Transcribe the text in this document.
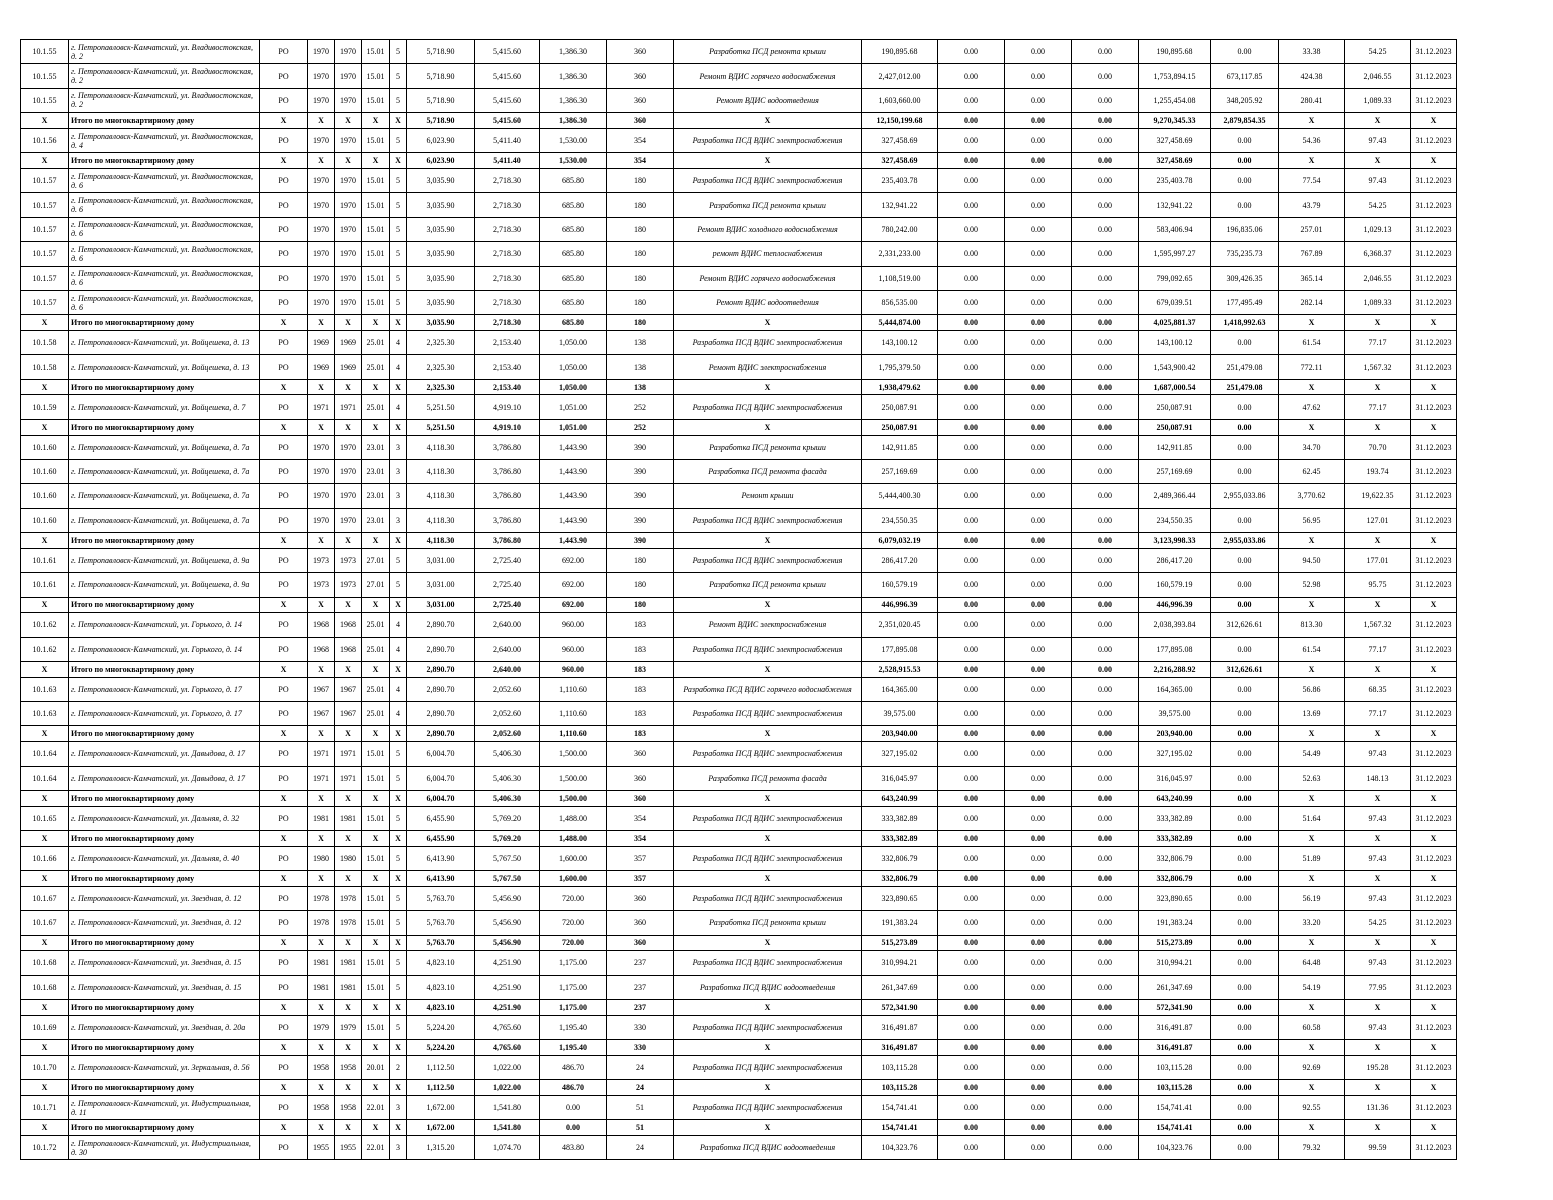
10.1.55	г. Петропавловск-Камчатский, ул. Владивостокская, д. 2	РО	1970	1970	15.01	5	5,718.90	5,415.60	1,386.30	360	Разработка ПСД ремонта крыши	190,895.68	0.00	0.00	0.00	190,895.68	0.00	33.38	54.25	31.12.2023
10.1.55	г. Петропавловск-Камчатский, ул. Владивостокская, д. 2	РО	1970	1970	15.01	5	5,718.90	5,415.60	1,386.30	360	Ремонт ВДИС горячего водоснабжения	2,427,012.00	0.00	0.00	0.00	1,753,894.15	673,117.85	424.38	2,046.55	31.12.2023
10.1.55	г. Петропавловск-Камчатский, ул. Владивостокская, д. 2	РО	1970	1970	15.01	5	5,718.90	5,415.60	1,386.30	360	Ремонт ВДИС водоотведения	1,603,660.00	0.00	0.00	0.00	1,255,454.08	348,205.92	280.41	1,089.33	31.12.2023
X	Итого по многоквартирному дому	X	X	X	X	X	5,718.90	5,415.60	1,386.30	360	X	12,150,199.68	0.00	0.00	0.00	9,270,345.33	2,879,854.35	X	X	X
10.1.56	г. Петропавловск-Камчатский, ул. Владивостокская, д. 4	РО	1970	1970	15.01	5	6,023.90	5,411.40	1,530.00	354	Разработка ПСД ВДИС электроснабжения	327,458.69	0.00	0.00	0.00	327,458.69	0.00	54.36	97.43	31.12.2023
X	Итого по многоквартирному дому	X	X	X	X	X	6,023.90	5,411.40	1,530.00	354	X	327,458.69	0.00	0.00	0.00	327,458.69	0.00	X	X	X
10.1.57	г. Петропавловск-Камчатский, ул. Владивостокская, д. 6	РО	1970	1970	15.01	5	3,035.90	2,718.30	685.80	180	Разработка ПСД ВДИС электроснабжения	235,403.78	0.00	0.00	0.00	235,403.78	0.00	77.54	97.43	31.12.2023
10.1.57	г. Петропавловск-Камчатский, ул. Владивостокская, д. 6	РО	1970	1970	15.01	5	3,035.90	2,718.30	685.80	180	Разработка ПСД ремонта крыши	132,941.22	0.00	0.00	0.00	132,941.22	0.00	43.79	54.25	31.12.2023
10.1.57	г. Петропавловск-Камчатский, ул. Владивостокская, д. 6	РО	1970	1970	15.01	5	3,035.90	2,718.30	685.80	180	Ремонт ВДИС холодного водоснабжения	780,242.00	0.00	0.00	0.00	583,406.94	196,835.06	257.01	1,029.13	31.12.2023
10.1.57	г. Петропавловск-Камчатский, ул. Владивостокская, д. 6	РО	1970	1970	15.01	5	3,035.90	2,718.30	685.80	180	ремонт ВДИС теплоснабжения	2,331,233.00	0.00	0.00	0.00	1,595,997.27	735,235.73	767.89	6,368.37	31.12.2023
10.1.57	г. Петропавловск-Камчатский, ул. Владивостокская, д. 6	РО	1970	1970	15.01	5	3,035.90	2,718.30	685.80	180	Ремонт ВДИС горячего водоснабжения	1,108,519.00	0.00	0.00	0.00	799,092.65	309,426.35	365.14	2,046.55	31.12.2023
10.1.57	г. Петропавловск-Камчатский, ул. Владивостокская, д. 6	РО	1970	1970	15.01	5	3,035.90	2,718.30	685.80	180	Ремонт ВДИС водоотведения	856,535.00	0.00	0.00	0.00	679,039.51	177,495.49	282.14	1,089.33	31.12.2023
X	Итого по многоквартирному дому	X	X	X	X	X	3,035.90	2,718.30	685.80	180	X	5,444,874.00	0.00	0.00	0.00	4,025,881.37	1,418,992.63	X	X	X
10.1.58	г. Петропавловск-Камчатский, ул. Войцешека, д. 13	РО	1969	1969	25.01	4	2,325.30	2,153.40	1,050.00	138	Разработка ПСД ВДИС электроснабжения	143,100.12	0.00	0.00	0.00	143,100.12	0.00	61.54	77.17	31.12.2023
10.1.58	г. Петропавловск-Камчатский, ул. Войцешека, д. 13	РО	1969	1969	25.01	4	2,325.30	2,153.40	1,050.00	138	Ремонт ВДИС электроснабжения	1,795,379.50	0.00	0.00	0.00	1,543,900.42	251,479.08	772.11	1,567.32	31.12.2023
X	Итого по многоквартирному дому	X	X	X	X	X	2,325.30	2,153.40	1,050.00	138	X	1,938,479.62	0.00	0.00	0.00	1,687,000.54	251,479.08	X	X	X
10.1.59	г. Петропавловск-Камчатский, ул. Войцешека, д. 7	РО	1971	1971	25.01	4	5,251.50	4,919.10	1,051.00	252	Разработка ПСД ВДИС электроснабжения	250,087.91	0.00	0.00	0.00	250,087.91	0.00	47.62	77.17	31.12.2023
X	Итого по многоквартирному дому	X	X	X	X	X	5,251.50	4,919.10	1,051.00	252	X	250,087.91	0.00	0.00	0.00	250,087.91	0.00	X	X	X
10.1.60	г. Петропавловск-Камчатский, ул. Войцешека, д. 7а	РО	1970	1970	23.01	3	4,118.30	3,786.80	1,443.90	390	Разработка ПСД ремонта крыши	142,911.85	0.00	0.00	0.00	142,911.85	0.00	34.70	70.70	31.12.2023
10.1.60	г. Петропавловск-Камчатский, ул. Войцешека, д. 7а	РО	1970	1970	23.01	3	4,118.30	3,786.80	1,443.90	390	Разработка ПСД ремонта фасада	257,169.69	0.00	0.00	0.00	257,169.69	0.00	62.45	193.74	31.12.2023
10.1.60	г. Петропавловск-Камчатский, ул. Войцешека, д. 7а	РО	1970	1970	23.01	3	4,118.30	3,786.80	1,443.90	390	Ремонт крыши	5,444,400.30	0.00	0.00	0.00	2,489,366.44	2,955,033.86	3,770.62	19,622.35	31.12.2023
10.1.60	г. Петропавловск-Камчатский, ул. Войцешека, д. 7а	РО	1970	1970	23.01	3	4,118.30	3,786.80	1,443.90	390	Разработка ПСД ВДИС электроснабжения	234,550.35	0.00	0.00	0.00	234,550.35	0.00	56.95	127.01	31.12.2023
X	Итого по многоквартирному дому	X	X	X	X	X	4,118.30	3,786.80	1,443.90	390	X	6,079,032.19	0.00	0.00	0.00	3,123,998.33	2,955,033.86	X	X	X
10.1.61	г. Петропавловск-Камчатский, ул. Войцешека, д. 9а	РО	1973	1973	27.01	5	3,031.00	2,725.40	692.00	180	Разработка ПСД ВДИС электроснабжения	286,417.20	0.00	0.00	0.00	286,417.20	0.00	94.50	177.01	31.12.2023
10.1.61	г. Петропавловск-Камчатский, ул. Войцешека, д. 9а	РО	1973	1973	27.01	5	3,031.00	2,725.40	692.00	180	Разработка ПСД ремонта крыши	160,579.19	0.00	0.00	0.00	160,579.19	0.00	52.98	95.75	31.12.2023
X	Итого по многоквартирному дому	X	X	X	X	X	3,031.00	2,725.40	692.00	180	X	446,996.39	0.00	0.00	0.00	446,996.39	0.00	X	X	X
10.1.62	г. Петропавловск-Камчатский, ул. Горького, д. 14	РО	1968	1968	25.01	4	2,890.70	2,640.00	960.00	183	Ремонт ВДИС электроснабжения	2,351,020.45	0.00	0.00	0.00	2,038,393.84	312,626.61	813.30	1,567.32	31.12.2023
10.1.62	г. Петропавловск-Камчатский, ул. Горького, д. 14	РО	1968	1968	25.01	4	2,890.70	2,640.00	960.00	183	Разработка ПСД ВДИС электроснабжения	177,895.08	0.00	0.00	0.00	177,895.08	0.00	61.54	77.17	31.12.2023
X	Итого по многоквартирному дому	X	X	X	X	X	2,890.70	2,640.00	960.00	183	X	2,528,915.53	0.00	0.00	0.00	2,216,288.92	312,626.61	X	X	X
10.1.63	г. Петропавловск-Камчатский, ул. Горького, д. 17	РО	1967	1967	25.01	4	2,890.70	2,052.60	1,110.60	183	Разработка ПСД ВДИС горячего водоснабжения	164,365.00	0.00	0.00	0.00	164,365.00	0.00	56.86	68.35	31.12.2023
10.1.63	г. Петропавловск-Камчатский, ул. Горького, д. 17	РО	1967	1967	25.01	4	2,890.70	2,052.60	1,110.60	183	Разработка ПСД ВДИС электроснабжения	39,575.00	0.00	0.00	0.00	39,575.00	0.00	13.69	77.17	31.12.2023
X	Итого по многоквартирному дому	X	X	X	X	X	2,890.70	2,052.60	1,110.60	183	X	203,940.00	0.00	0.00	0.00	203,940.00	0.00	X	X	X
10.1.64	г. Петропавловск-Камчатский, ул. Давыдова, д. 17	РО	1971	1971	15.01	5	6,004.70	5,406.30	1,500.00	360	Разработка ПСД ВДИС электроснабжения	327,195.02	0.00	0.00	0.00	327,195.02	0.00	54.49	97.43	31.12.2023
10.1.64	г. Петропавловск-Камчатский, ул. Давыдова, д. 17	РО	1971	1971	15.01	5	6,004.70	5,406.30	1,500.00	360	Разработка ПСД ремонта фасада	316,045.97	0.00	0.00	0.00	316,045.97	0.00	52.63	148.13	31.12.2023
X	Итого по многоквартирному дому	X	X	X	X	X	6,004.70	5,406.30	1,500.00	360	X	643,240.99	0.00	0.00	0.00	643,240.99	0.00	X	X	X
10.1.65	г. Петропавловск-Камчатский, ул. Дальняя, д. 32	РО	1981	1981	15.01	5	6,455.90	5,769.20	1,488.00	354	Разработка ПСД ВДИС электроснабжения	333,382.89	0.00	0.00	0.00	333,382.89	0.00	51.64	97.43	31.12.2023
X	Итого по многоквартирному дому	X	X	X	X	X	6,455.90	5,769.20	1,488.00	354	X	333,382.89	0.00	0.00	0.00	333,382.89	0.00	X	X	X
10.1.66	г. Петропавловск-Камчатский, ул. Дальняя, д. 40	РО	1980	1980	15.01	5	6,413.90	5,767.50	1,600.00	357	Разработка ПСД ВДИС электроснабжения	332,806.79	0.00	0.00	0.00	332,806.79	0.00	51.89	97.43	31.12.2023
X	Итого по многоквартирному дому	X	X	X	X	X	6,413.90	5,767.50	1,600.00	357	X	332,806.79	0.00	0.00	0.00	332,806.79	0.00	X	X	X
10.1.67	г. Петропавловск-Камчатский, ул. Звездная, д. 12	РО	1978	1978	15.01	5	5,763.70	5,456.90	720.00	360	Разработка ПСД ВДИС электроснабжения	323,890.65	0.00	0.00	0.00	323,890.65	0.00	56.19	97.43	31.12.2023
10.1.67	г. Петропавловск-Камчатский, ул. Звездная, д. 12	РО	1978	1978	15.01	5	5,763.70	5,456.90	720.00	360	Разработка ПСД ремонта крыши	191,383.24	0.00	0.00	0.00	191,383.24	0.00	33.20	54.25	31.12.2023
X	Итого по многоквартирному дому	X	X	X	X	X	5,763.70	5,456.90	720.00	360	X	515,273.89	0.00	0.00	0.00	515,273.89	0.00	X	X	X
10.1.68	г. Петропавловск-Камчатский, ул. Звездная, д. 15	РО	1981	1981	15.01	5	4,823.10	4,251.90	1,175.00	237	Разработка ПСД ВДИС электроснабжения	310,994.21	0.00	0.00	0.00	310,994.21	0.00	64.48	97.43	31.12.2023
10.1.68	г. Петропавловск-Камчатский, ул. Звездная, д. 15	РО	1981	1981	15.01	5	4,823.10	4,251.90	1,175.00	237	Разработка ПСД ВДИС водоотведения	261,347.69	0.00	0.00	0.00	261,347.69	0.00	54.19	77.95	31.12.2023
X	Итого по многоквартирному дому	X	X	X	X	X	4,823.10	4,251.90	1,175.00	237	X	572,341.90	0.00	0.00	0.00	572,341.90	0.00	X	X	X
10.1.69	г. Петропавловск-Камчатский, ул. Звездная, д. 20а	РО	1979	1979	15.01	5	5,224.20	4,765.60	1,195.40	330	Разработка ПСД ВДИС электроснабжения	316,491.87	0.00	0.00	0.00	316,491.87	0.00	60.58	97.43	31.12.2023
X	Итого по многоквартирному дому	X	X	X	X	X	5,224.20	4,765.60	1,195.40	330	X	316,491.87	0.00	0.00	0.00	316,491.87	0.00	X	X	X
10.1.70	г. Петропавловск-Камчатский, ул. Зеркальная, д. 56	РО	1958	1958	20.01	2	1,112.50	1,022.00	486.70	24	Разработка ПСД ВДИС электроснабжения	103,115.28	0.00	0.00	0.00	103,115.28	0.00	92.69	195.28	31.12.2023
X	Итого по многоквартирному дому	X	X	X	X	X	1,112.50	1,022.00	486.70	24	X	103,115.28	0.00	0.00	0.00	103,115.28	0.00	X	X	X
10.1.71	г. Петропавловск-Камчатский, ул. Индустриальная, д. 11	РО	1958	1958	22.01	3	1,672.00	1,541.80	0.00	51	Разработка ПСД ВДИС электроснабжения	154,741.41	0.00	0.00	0.00	154,741.41	0.00	92.55	131.36	31.12.2023
X	Итого по многоквартирному дому	X	X	X	X	X	1,672.00	1,541.80	0.00	51	X	154,741.41	0.00	0.00	0.00	154,741.41	0.00	X	X	X
10.1.72	г. Петропавловск-Камчатский, ул. Индустриальная, д. 30	РО	1955	1955	22.01	3	1,315.20	1,074.70	483.80	24	Разработка ПСД ВДИС водоотведения	104,323.76	0.00	0.00	0.00	104,323.76	0.00	79.32	99.59	31.12.2023
